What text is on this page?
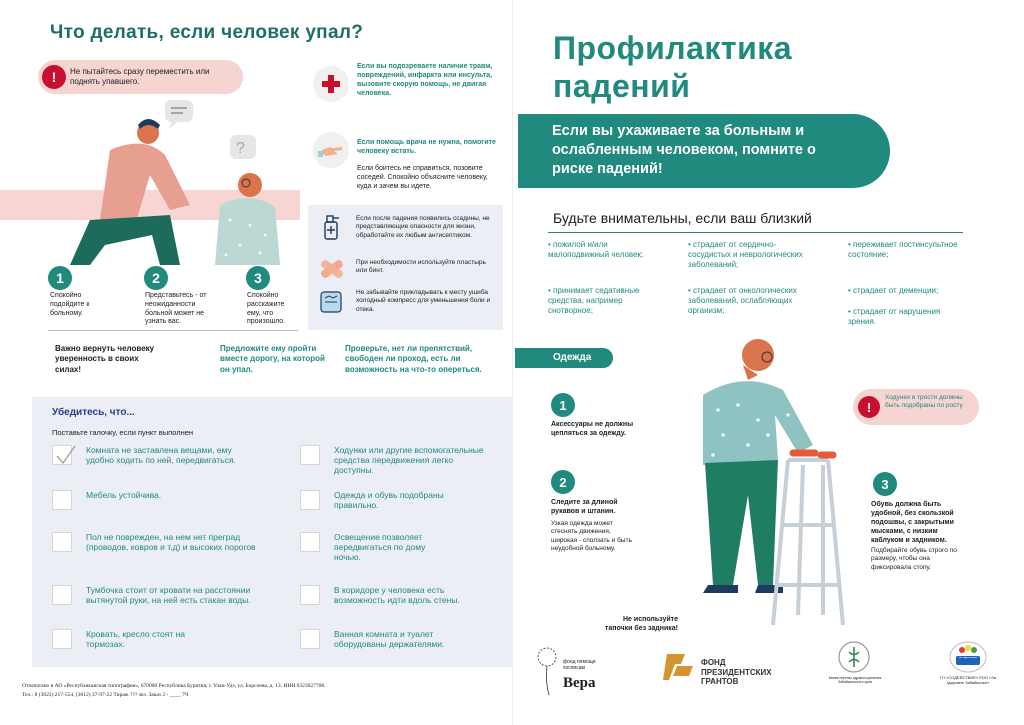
Что делать, если человек упал?
!	Не пытайтесь сразу переместить или поднять упавшего.
?
1
Спокойно подойдите к больному.
2
Представьтесь - от неожиданности больной может не узнать вас.
3
Спокойно расскажите ему, что произошло.
Если вы подозреваете наличие травм, повреждений, инфаркта или инсульта, вызовите скорую помощь, не двигая человека.
Если помощь врача не нужна, помогите человеку встать.
Если боитесь не справиться, позовите соседей. Спокойно объясните человеку, куда и зачем вы идете.
Если после падения появились ссадины, не представляющие опасности для жизни, обработайте их любым антисептиком.
При необходимости используйте пластырь или бинт.
Не забывайте прикладывать к месту ушиба холодный компресс для уменьшения боли и отека.
Важно вернуть человеку уверенность в своих силах!
Предложите ему пройти вместе дорогу, на которой он упал.
Проверьте, нет ли препятствий, свободен ли проход, есть ли возможность на что-то опереться.
Убедитесь, что...
Поставьте галочку, если пункт выполнен
Комната не заставлена вещами, ему удобно ходить по ней, передвигаться.
Мебель устойчива.
Пол не поврежден, на нем нет преград (проводов, ковров и т.д) и высоких порогов
Тумбочка стоит от кровати на расстоянии вытянутой руки, на ней есть стакан воды.
Кровать, кресло стоят на тормозах.
Ходунки или другие вспомогательные средства передвижения легко доступны.
Одежда и обувь подобраны правильно.
Освещение позволяет передвигаться по дому ночью.
В коридоре у человека есть возможность идти вдоль стены.
Ванная комната и туалет оборудованы держателями.
Отпечатано в АО «Республиканская типография», 670000 Республика Бурятия, г. Улан-Удэ, ул. Борсоева, д. 13. ИНН 0323027708.
Тел.: 8 (3022) 217-554, (3012) 37-97-22 Тираж ??? экз. Заказ 2 - ____ 7Ч
Профилактика
падений
Если вы ухаживаете за больным и ослабленным человеком, помните о риске падений!
Будьте внимательны, если ваш близкий
• пожилой и/или малоподвижный человек;
• страдает от сердечно-сосудистых и неврологических заболеваний;
• переживает постинсультное состояние;
• принимает седативные средства, например снотворное;
• страдает от онкологических заболеваний, ослабляющих организм;
• страдает от деменции;
• страдает от нарушения зрения.
Одежда
1
Аксессуары не должны цепляться за одежду.
2
Следите за длиной рукавов и штанин.
Узкая одежда может стеснять движения, широкая - сползать и быть неудобной больному.
!
Ходунки и трости должны быть подобраны по росту
3
Обувь должна быть удобной, без скользкой подошвы, с закрытыми мысками, с низким каблуком и задником.
Подбирайте обувь строго по размеру, чтобы она фиксировала стопу.
Не используйте тапочки без задника!
фонд помощи хосписам
Вера
ФОНД ПРЕЗИДЕНТСКИХ ГРАНТОВ	Министерство здравоохранения Забайкальского края
ЗА ЗДОРОВОЕ
ГП «СОДЕЙСТВИЕ» РОО «За здоровое Забайкалье»
